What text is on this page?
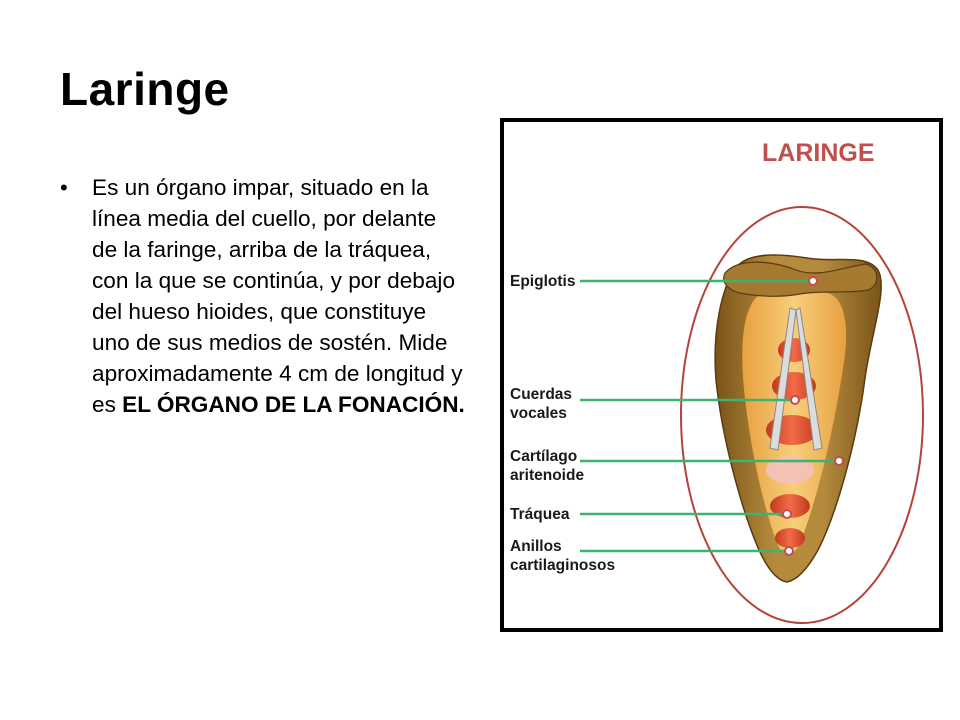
Laringe
• Es un órgano impar, situado en la línea media del cuello, por delante de la faringe, arriba de la tráquea, con la que se continúa, y por debajo del hueso hioides, que constituye uno de sus medios de sostén. Mide aproximadamente 4 cm de longitud y es EL ÓRGANO DE LA FONACIÓN.
LARINGE
Epiglotis
Cuerdas
vocales
Cartílago
aritenoide
Tráquea
Anillos
cartilaginosos
